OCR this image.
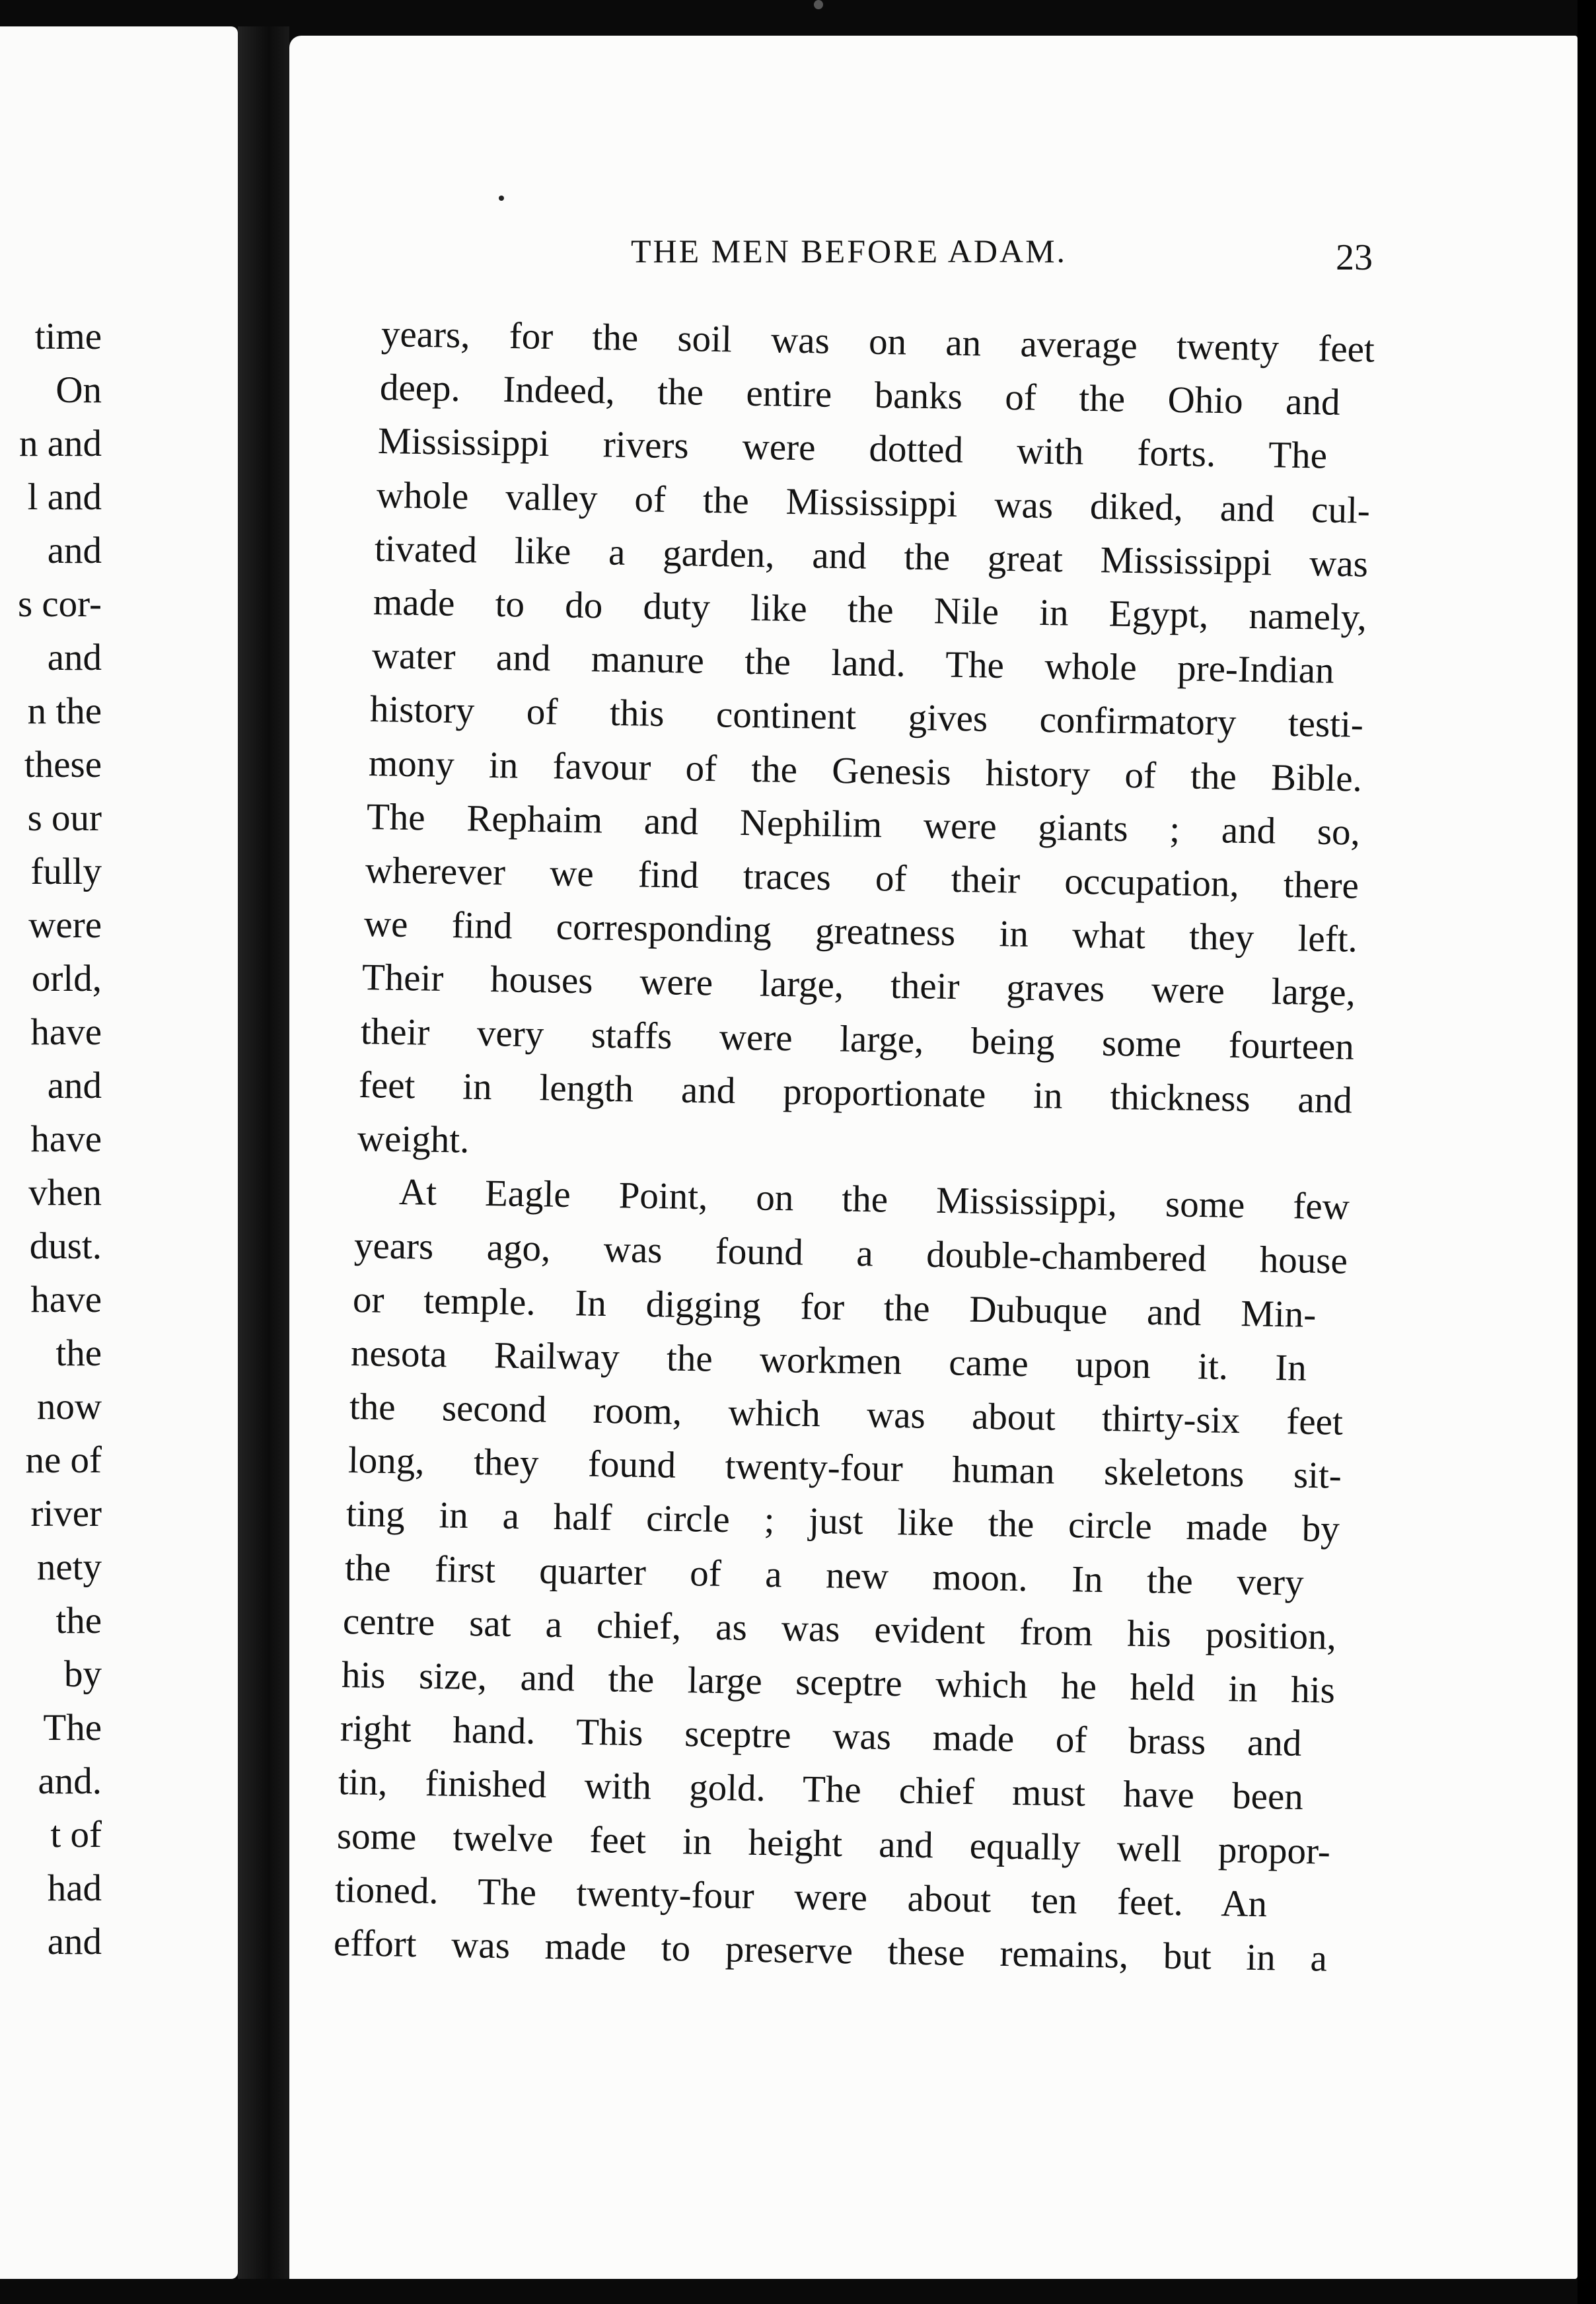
time
On
n and
l and
and
s cor-
and
n the
these
s our
fully
were
orld,
have
and
have
vhen
dust.
have
the
now
ne of
river
nety
the
by
The
and.
t of
had
and
THE MEN BEFORE ADAM.	23
years, for the soil was on an average twenty feet
deep. Indeed, the entire banks of the Ohio and
Mississippi rivers were dotted with forts. The
whole valley of the Mississippi was diked, and cul-
tivated like a garden, and the great Mississippi was
made to do duty like the Nile in Egypt, namely,
water and manure the land. The whole pre-Indian
history of this continent gives confirmatory testi-
mony in favour of the Genesis history of the Bible.
The Rephaim and Nephilim were giants ; and so,
wherever we find traces of their occupation, there
we find corresponding greatness in what they left.
Their houses were large, their graves were large,
their very staffs were large, being some fourteen
feet in length and proportionate in thickness and
weight.
At Eagle Point, on the Mississippi, some few
years ago, was found a double-chambered house
or temple. In digging for the Dubuque and Min-
nesota Railway the workmen came upon it. In
the second room, which was about thirty-six feet
long, they found twenty-four human skeletons sit-
ting in a half circle ; just like the circle made by
the first quarter of a new moon. In the very
centre sat a chief, as was evident from his position,
his size, and the large sceptre which he held in his
right hand. This sceptre was made of brass and
tin, finished with gold. The chief must have been
some twelve feet in height and equally well propor-
tioned. The twenty-four were about ten feet. An
effort was made to preserve these remains, but in a
